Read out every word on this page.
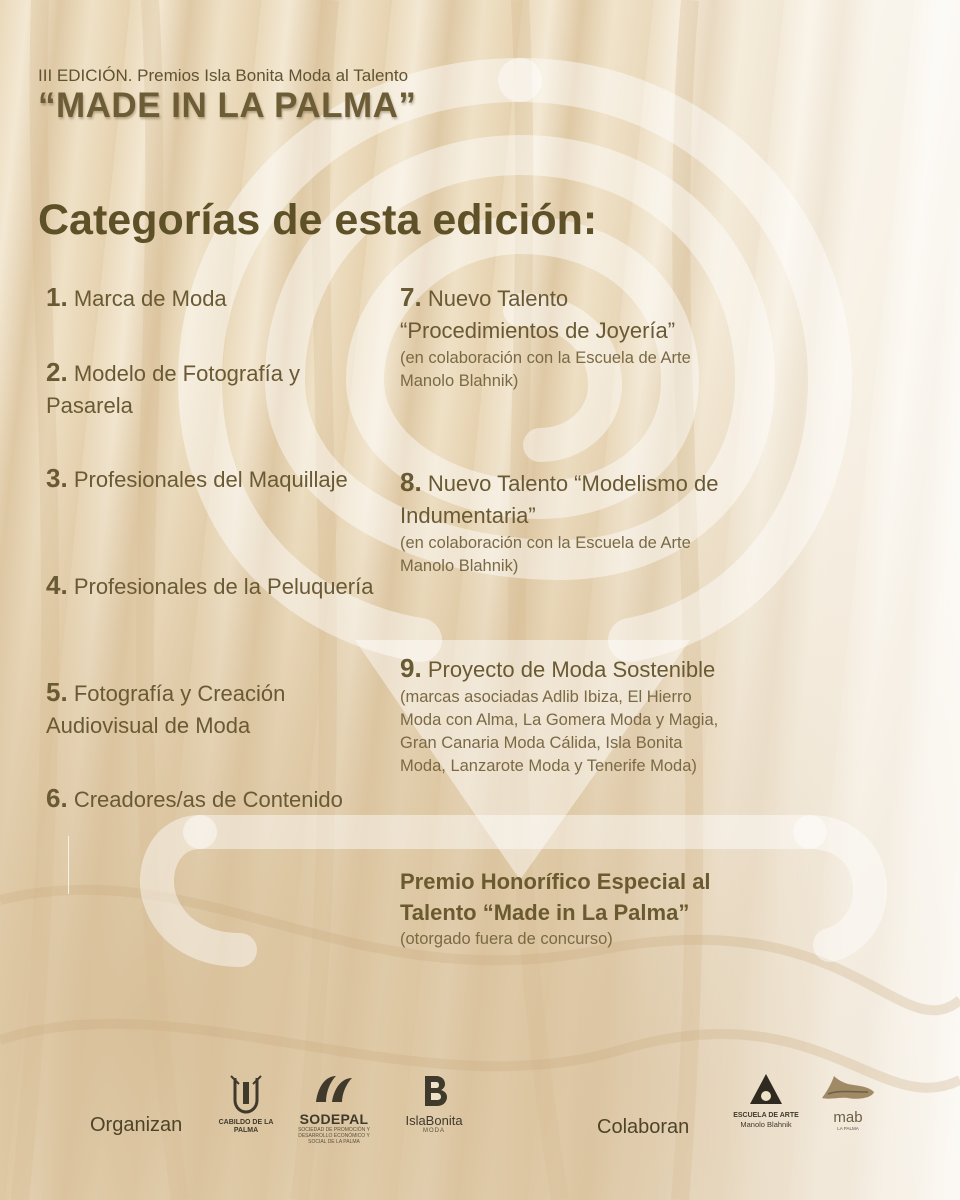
III EDICIÓN. Premios Isla Bonita Moda al Talento
“MADE IN LA PALMA”
Categorías de esta edición:
1. Marca de Moda
2. Modelo de Fotografía y Pasarela
3. Profesionales del Maquillaje
4. Profesionales de la Peluquería
5. Fotografía y Creación Audiovisual de Moda
6. Creadores/as de Contenido
7. Nuevo Talento “Procedimientos de Joyería”
(en colaboración con la Escuela de Arte Manolo Blahnik)
8. Nuevo Talento “Modelismo de Indumentaria”
(en colaboración con la Escuela de Arte Manolo Blahnik)
9. Proyecto de Moda Sostenible
(marcas asociadas Adlib Ibiza, El Hierro Moda con Alma, La Gomera Moda y Magia, Gran Canaria Moda Cálida, Isla Bonita Moda, Lanzarote Moda y Tenerife Moda)
Premio Honorífico Especial al Talento “Made in La Palma”
(otorgado fuera de concurso)
Organizan	CABILDO DE LA PALMA
SODEPAL
SOCIEDAD DE PROMOCIÓN Y DESARROLLO ECONÓMICO Y SOCIAL DE LA PALMA
IslaBonita
MODA	Colaboran
ESCUELA DE ARTE
Manolo Blahnik	mab
LA PALMA
